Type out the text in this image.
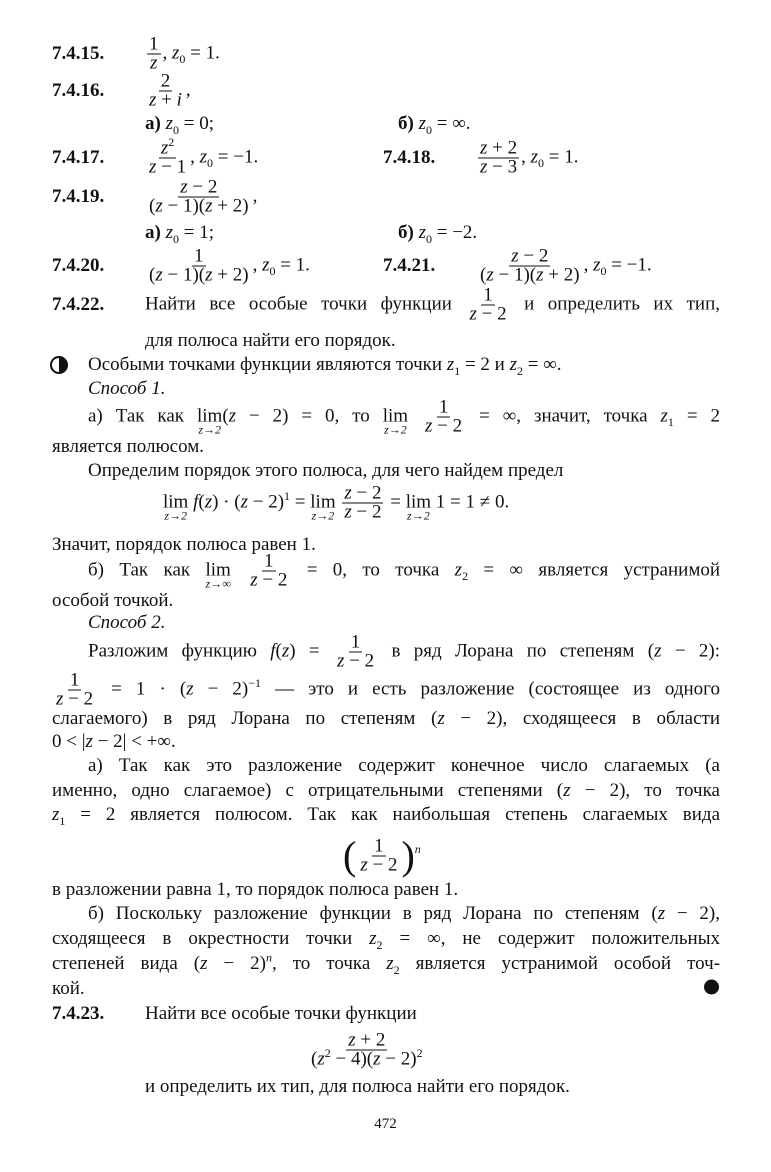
7.4.15. $\frac{1}{z}$ , $z_0 = 1$.
7.4.16. $\frac{2}{z + i}$ ,
а) $z_0 = 0$;	б) $z_0$ = ∞.
7.4.17. $\frac{z^2}{z - 1}$ , $z_0 = -1$.	7.4.18. $\frac{z + 2}{z - 3}$ , $z_0 = 1$.
7.4.19. $\frac{z - 2}{(z - 1)(z + 2)}$ ,
а) $z_0 = 1$;	б) $z_0 = -2$.
7.4.20. $\frac{1}{(z - 1)(z + 2)}$ , $z_0 = 1$.	7.4.21. $\frac{z - 2}{(z - 1)(z + 2)}$ , $z_0 = -1$.
7.4.22. Найти все особые точки функции $\frac{1}{z - 2}$ и определить их тип,
для полюса найти его порядок.
Особыми точками функции являются точки $z_1 = 2$ и $z_2$ = ∞.
Способ 1.
а) Так как lim
z→2
(z − 2) = 0, то lim
z→2
$\frac{1}{z - 2}$ = ∞, значит, точка $z_1 = 2$
является полюсом.
Определим порядок этого полюса, для чего найдем предел
lim
z→2
$f(z) \cdot (z - 2)^1 = \lim$
z→2
$\frac{z - 2}{z - 2} = \lim$
z→2
1 = 1 ≠ 0.
Значит, порядок полюса равен 1.
б) Так как lim
z→∞
$\frac{1}{z - 2} = 0$, то точка $z_2$ = ∞ является устранимой
особой точкой.
Способ 2.
Разложим функцию $f(z) = \frac{1}{z - 2}$ в ряд Лорана по степеням (z − 2):
$\frac{1}{z - 2} = 1 \cdot (z - 2)^{-1}$ — это и есть разложение (состоящее из одного
слагаемого) в ряд Лорана по степеням (z − 2), сходящееся в области
0 < |z − 2| < +∞.
а) Так как это разложение содержит конечное число слагаемых (а
именно, одно слагаемое) с отрицательными степенями (z − 2), то точка
$z_1 = 2$ является полюсом. Так как наибольшая степень слагаемых вида
( $\frac{1}{z - 2} )^n$
в разложении равна 1, то порядок полюса равен 1.
б) Поскольку разложение функции в ряд Лорана по степеням (z − 2),
сходящееся в окрестности точки $z_2$ = ∞, не содержит положительных
степеней вида $(z - 2)^n$, то точка $z_2$ является устранимой особой точ-
кой.
7.4.23. Найти все особые точки функции
$\frac{z + 2}{(z^2 - 4)(z - 2)^2}$
и определить их тип, для полюса найти его порядок.
472
